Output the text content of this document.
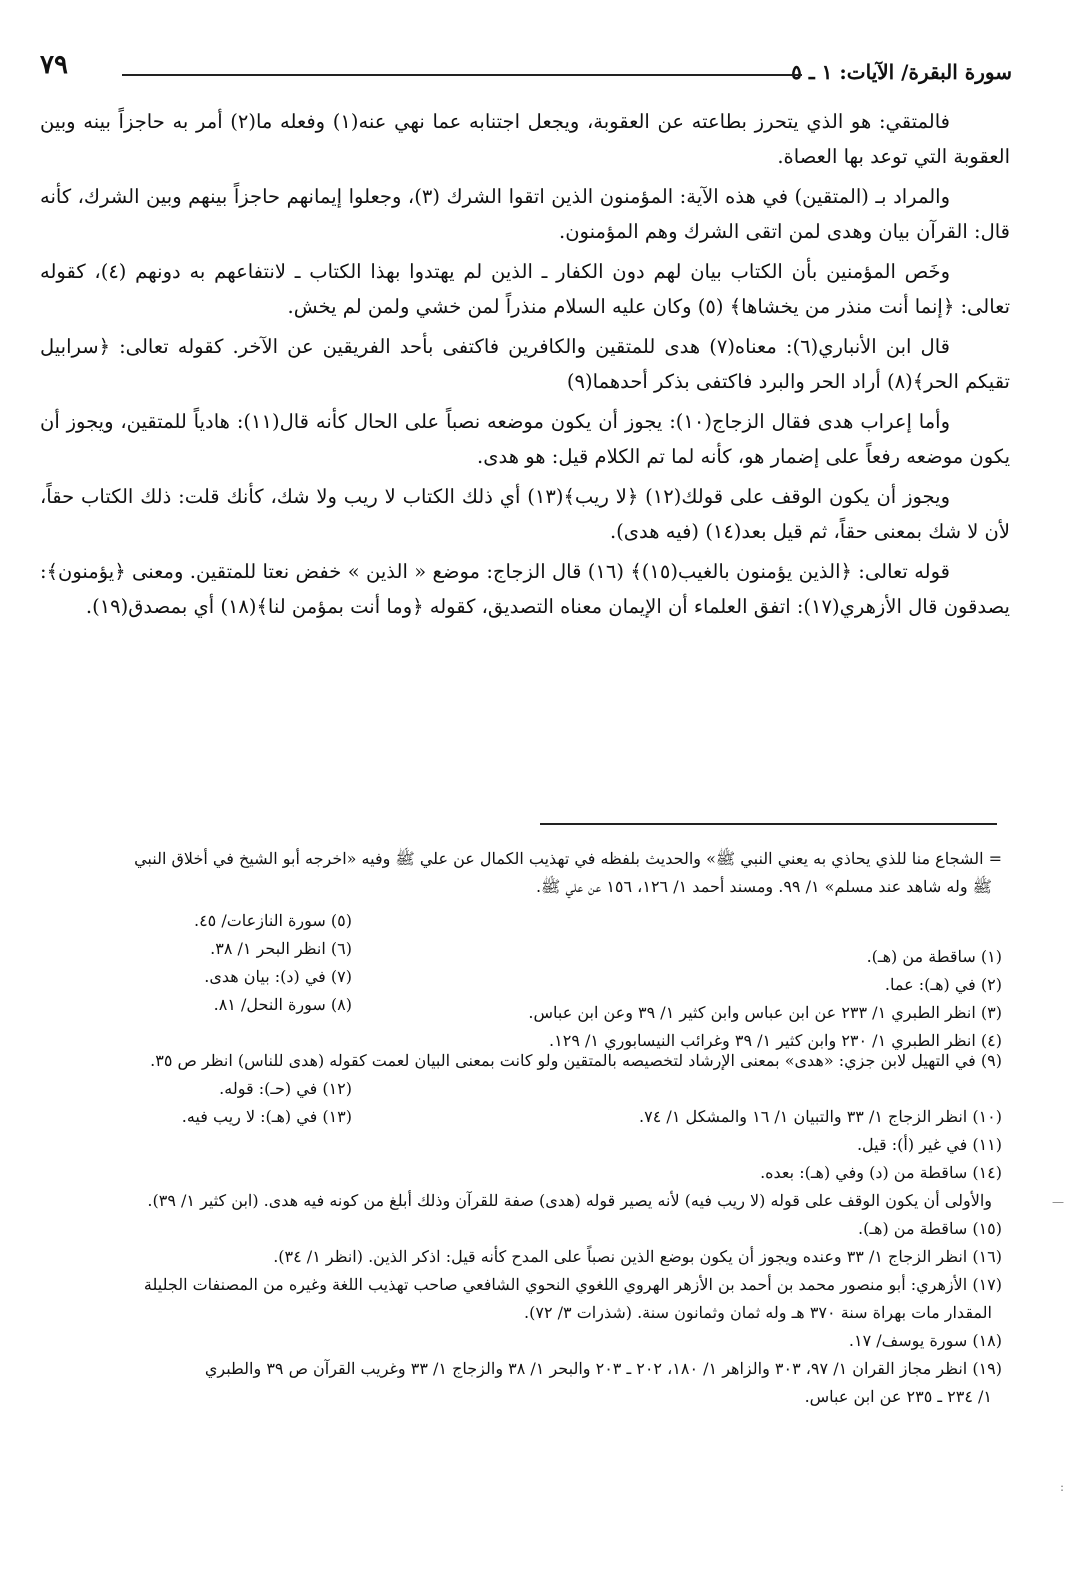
سورة البقرة/ الآيات: ١ ـ ٥
٧٩

فالمتقي: هو الذي يتحرز بطاعته عن العقوبة، ويجعل اجتنابه عما نهي عنه(١) وفعله ما(٢) أمر به حاجزاً بينه وبين العقوبة التي توعد بها العصاة.

والمراد بـ (المتقين) في هذه الآية: المؤمنون الذين اتقوا الشرك (٣)، وجعلوا إيمانهم حاجزاً بينهم وبين الشرك، كأنه قال: القرآن بيان وهدى لمن اتقى الشرك وهم المؤمنون.

وخَص المؤمنين بأن الكتاب بيان لهم دون الكفار ـ الذين لم يهتدوا بهذا الكتاب ـ لانتفاعهم به دونهم (٤)، كقوله تعالى: ﴿إنما أنت منذر من يخشاها﴾ (٥) وكان عليه السلام منذراً لمن خشي ولمن لم يخش.

قال ابن الأنباري(٦): معناه(٧) هدى للمتقين والكافرين فاكتفى بأحد الفريقين عن الآخر. كقوله تعالى: ﴿سرابيل تقيكم الحر﴾(٨) أراد الحر والبرد فاكتفى بذكر أحدهما(٩)

وأما إعراب هدى فقال الزجاج(١٠): يجوز أن يكون موضعه نصباً على الحال كأنه قال(١١): هادياً للمتقين، ويجوز أن يكون موضعه رفعاً على إضمار هو، كأنه لما تم الكلام قيل: هو هدى.

ويجوز أن يكون الوقف على قولك(١٢) ﴿لا ريب﴾(١٣) أي ذلك الكتاب لا ريب ولا شك، كأنك قلت: ذلك الكتاب حقاً، لأن لا شك بمعنى حقاً، ثم قيل بعد(١٤) (فيه هدى).

قوله تعالى: ﴿الذين يؤمنون بالغيب(١٥)﴾ (١٦) قال الزجاج: موضع « الذين » خفض نعتا للمتقين. ومعنى ﴿يؤمنون﴾: يصدقون قال الأزهري(١٧): اتفق العلماء أن الإيمان معناه التصديق، كقوله ﴿وما أنت بمؤمن لنا﴾(١٨) أي بمصدق(١٩).

= الشجاع منا للذي يحاذي به يعني النبي ﷺ» والحديث بلفظه في تهذيب الكمال عن علي ﷺ وفيه «اخرجه أبو الشيخ في أخلاق النبي
ﷺ وله شاهد عند مسلم» ١/ ٩٩. ومسند أحمد ١/ ١٢٦، ١٥٦ عن علي ﷺ.
(١) ساقطة من (هـ).
(٢) في (هـ): عما.
(٣) انظر الطبري ١/ ٢٣٣ عن ابن عباس وابن كثير ١/ ٣٩ وعن ابن عباس.
(٤) انظر الطبري ١/ ٢٣٠ وابن كثير ١/ ٣٩ وغرائب النيسابوري ١/ ١٢٩.
(٥) سورة النازعات/ ٤٥.
(٦) انظر البحر ١/ ٣٨.
(٧) في (د): بيان هدى.
(٨) سورة النحل/ ٨١.
(٩) في التهيل لابن جزي: «هدى» بمعنى الإرشاد لتخصيصه بالمتقين ولو كانت بمعنى البيان لعمت كقوله (هدى للناس) انظر ص ٣٥.
(١٠) انظر الزجاج ١/ ٣٣ والتبيان ١/ ١٦ والمشكل ١/ ٧٤.
(١١) في غير (أ): قيل.
(١٢) في (حـ): قوله.
(١٣) في (هـ): لا ريب فيه.
(١٤) ساقطة من (د) وفي (هـ): بعده.
والأولى أن يكون الوقف على قوله (لا ريب فيه) لأنه يصير قوله (هدى) صفة للقرآن وذلك أبلغ من كونه فيه هدى. (ابن كثير ١/ ٣٩).
(١٥) ساقطة من (هـ).
(١٦) انظر الزجاج ١/ ٣٣ وعنده ويجوز أن يكون بوضع الذين نصباً على المدح كأنه قيل: اذكر الذين. (انظر ١/ ٣٤).
(١٧) الأزهري: أبو منصور محمد بن أحمد بن الأزهر الهروي اللغوي النحوي الشافعي صاحب تهذيب اللغة وغيره من المصنفات الجليلة
المقدار مات بهراة سنة ٣٧٠ هـ وله ثمان وثمانون سنة. (شذرات ٣/ ٧٢).
(١٨) سورة يوسف/ ١٧.
(١٩) انظر مجاز القران ١/ ٩٧، ٣٠٣ والزاهر ١/ ١٨٠، ٢٠٢ ـ ٢٠٣ والبحر ١/ ٣٨ والزجاج ١/ ٣٣ وغريب القرآن ص ٣٩ والطبري
١/ ٢٣٤ ـ ٢٣٥ عن ابن عباس.
—
:
